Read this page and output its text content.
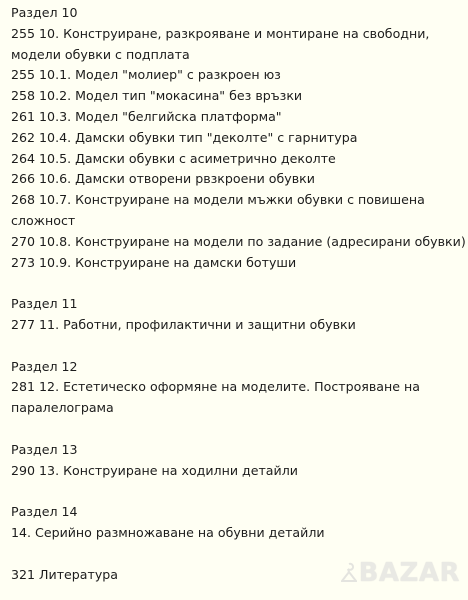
Раздел 10
255 10. Конструиране, разкрояване и монтиране на свободни, модели обувки с подплата
255 10.1. Модел "молиер" с разкроен юз
258 10.2. Модел тип "мокасина" без връзки
261 10.3. Модел "белгийска платформа"
262 10.4. Дамски обувки тип "деколте" с гарнитура
264 10.5. Дамски обувки с асиметрично деколте
266 10.6. Дамски отворени рвзкроени обувки
268 10.7. Конструиране на модели мъжки обувки с повишена сложност
270 10.8. Конструиране на модели по задание (адресирани обувки)
273 10.9. Конструиране на дамски ботуши
Раздел 11
277 11. Работни, профилактични и защитни обувки
Раздел 12
281 12. Естетическо оформяне на моделите. Построяване на паралелограма
Раздел 13
290 13. Конструиране на ходилни детайли
Раздел 14
14. Серийно размножаване на обувни детайли
321 Литература	BAZAR
